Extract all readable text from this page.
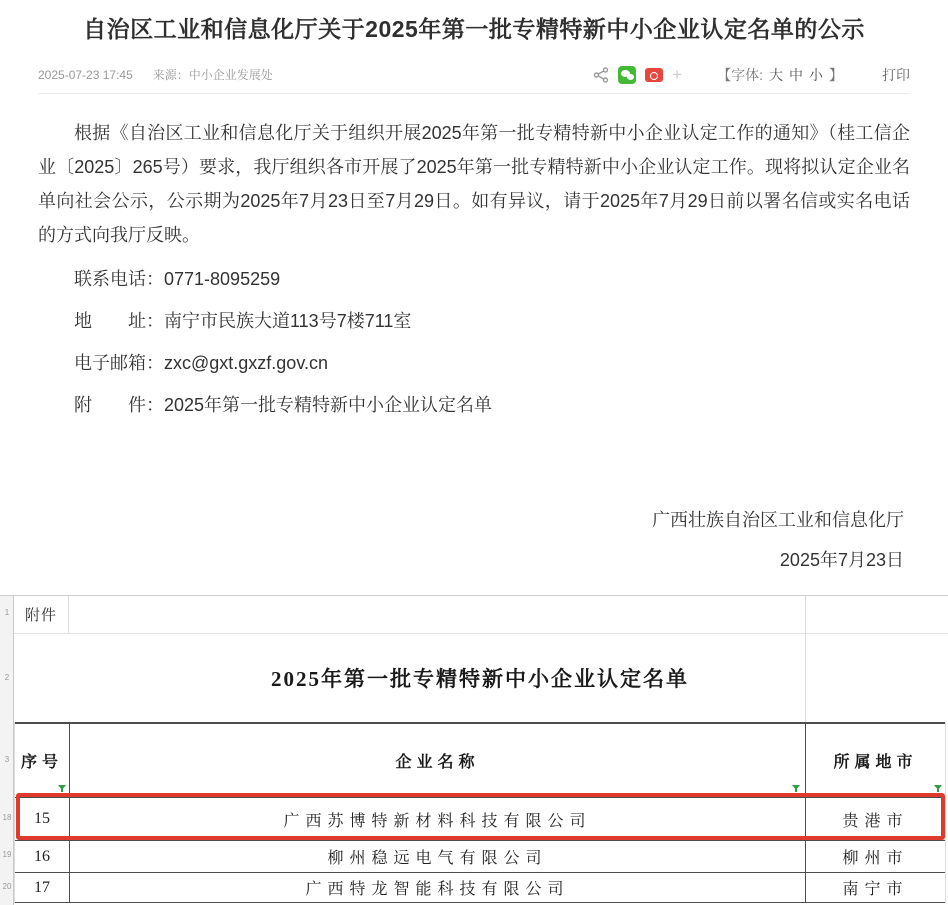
自治区工业和信息化厅关于2025年第一批专精特新中小企业认定名单的公示
2025-07-23 17:45 来源：中小企业发展处	+	【字体: 大 中 小 】	打印

根据《自治区工业和信息化厅关于组织开展2025年第一批专精特新中小企业认定工作的通知》（桂工信企业〔2025〕265号）要求，我厅组织各市开展了2025年第一批专精特新中小企业认定工作。现将拟认定企业名单向社会公示，公示期为2025年7月23日至7月29日。如有异议，请于2025年7月29日前以署名信或实名电话的方式向我厅反映。

联系电话：0771-8095259

地　　址：南宁市民族大道113号7楼711室

电子邮箱：zxc@gxt.gxzf.gov.cn

附　　件：2025年第一批专精特新中小企业认定名单

广西壮族自治区工业和信息化厅

2025年7月23日

1
2
3
18
19
20
附件
2025年第一批专精特新中小企业认定名单
序号	企业名称	所属地市
15	广西苏博特新材料科技有限公司	贵港市
16	柳州稳远电气有限公司	柳州市
17	广西特龙智能科技有限公司	南宁市
